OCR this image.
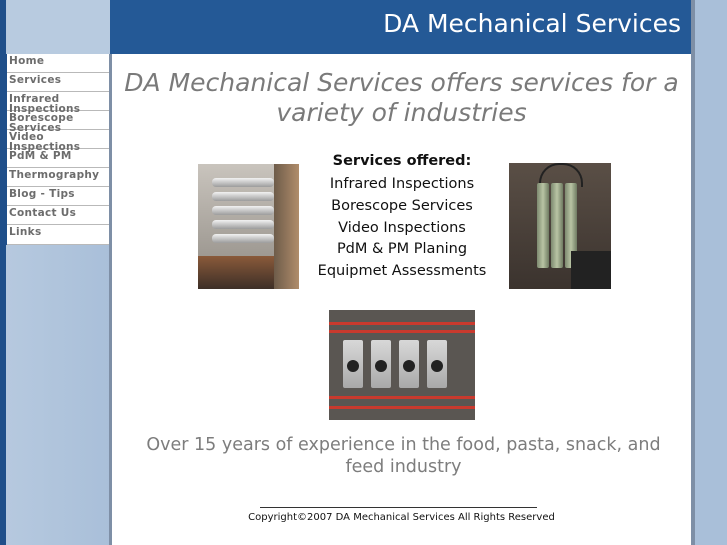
DA Mechanical Services
Home
Services
Infrared Inspections
Borescope Services
Video Inspections
PdM & PM
Thermography
Blog - Tips
Contact Us
Links
DA Mechanical Services offers services for a variety of industries
Services offered:
Infrared Inspections
Borescope Services
Video Inspections
PdM & PM Planing
Equipmet Assessments
Over 15 years of experience in the food, pasta, snack, and feed industry
Copyright©2007 DA Mechanical Services All Rights Reserved
